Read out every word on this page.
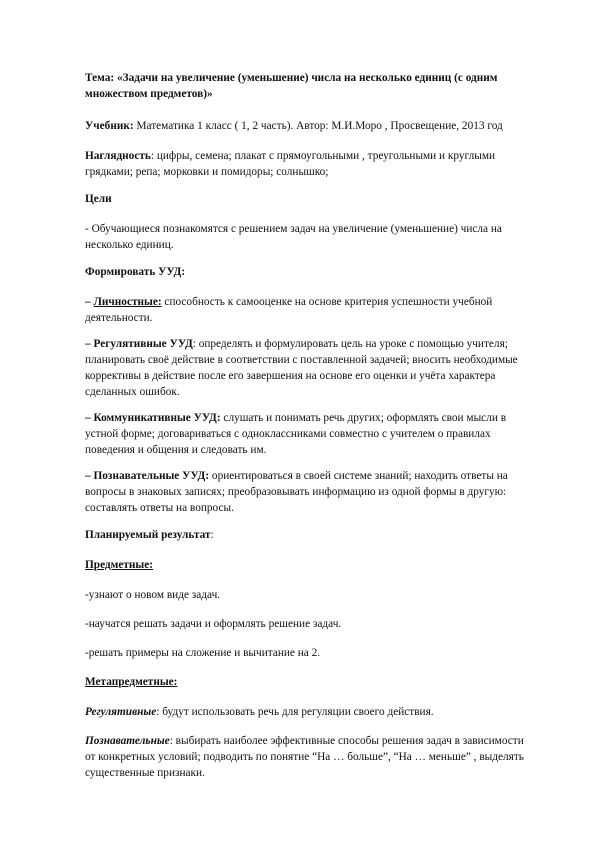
Тема: «Задачи на увеличение (уменьшение) числа на несколько единиц (с одним множеством предметов)»

Учебник: Математика 1 класс ( 1, 2 часть). Автор: М.И.Моро , Просвещение, 2013 год

Наглядность: цифры, семена; плакат с прямоугольными , треугольными и круглыми грядками; репа; морковки и помидоры; солнышко;

Цели

- Обучающиеся познакомятся с решением задач на увеличение (уменьшение) числа на несколько единиц.

Формировать УУД:

– Личностные: способность к самооценке на основе критерия успешности учебной деятельности.

– Регулятивные УУД: определять и формулировать цель на уроке с помощью учителя; планировать своё действие в соответствии с поставленной задачей; вносить необходимые коррективы в действие после его завершения на основе его оценки и учёта характера сделанных ошибок.

– Коммуникативные УУД: слушать и понимать речь других; оформлять свои мысли в устной форме; договариваться с одноклассниками совместно с учителем о правилах поведения и общения и следовать им.

– Познавательные УУД: ориентироваться в своей системе знаний; находить ответы на вопросы в знаковых записях; преобразовывать информацию из одной формы в другую: составлять ответы на вопросы.

Планируемый результат:

Предметные:

-узнают о новом виде задач.

-научатся решать задачи и оформлять решение задач.

-решать примеры на сложение и вычитание на 2.

Метапредметные:

Регулятивные: будут использовать речь для регуляции своего действия.

Познавательные: выбирать наиболее эффективные способы решения задач в зависимости от конкретных условий; подводить по понятие “На … больше”, “На … меньше” , выделять существенные признаки.
